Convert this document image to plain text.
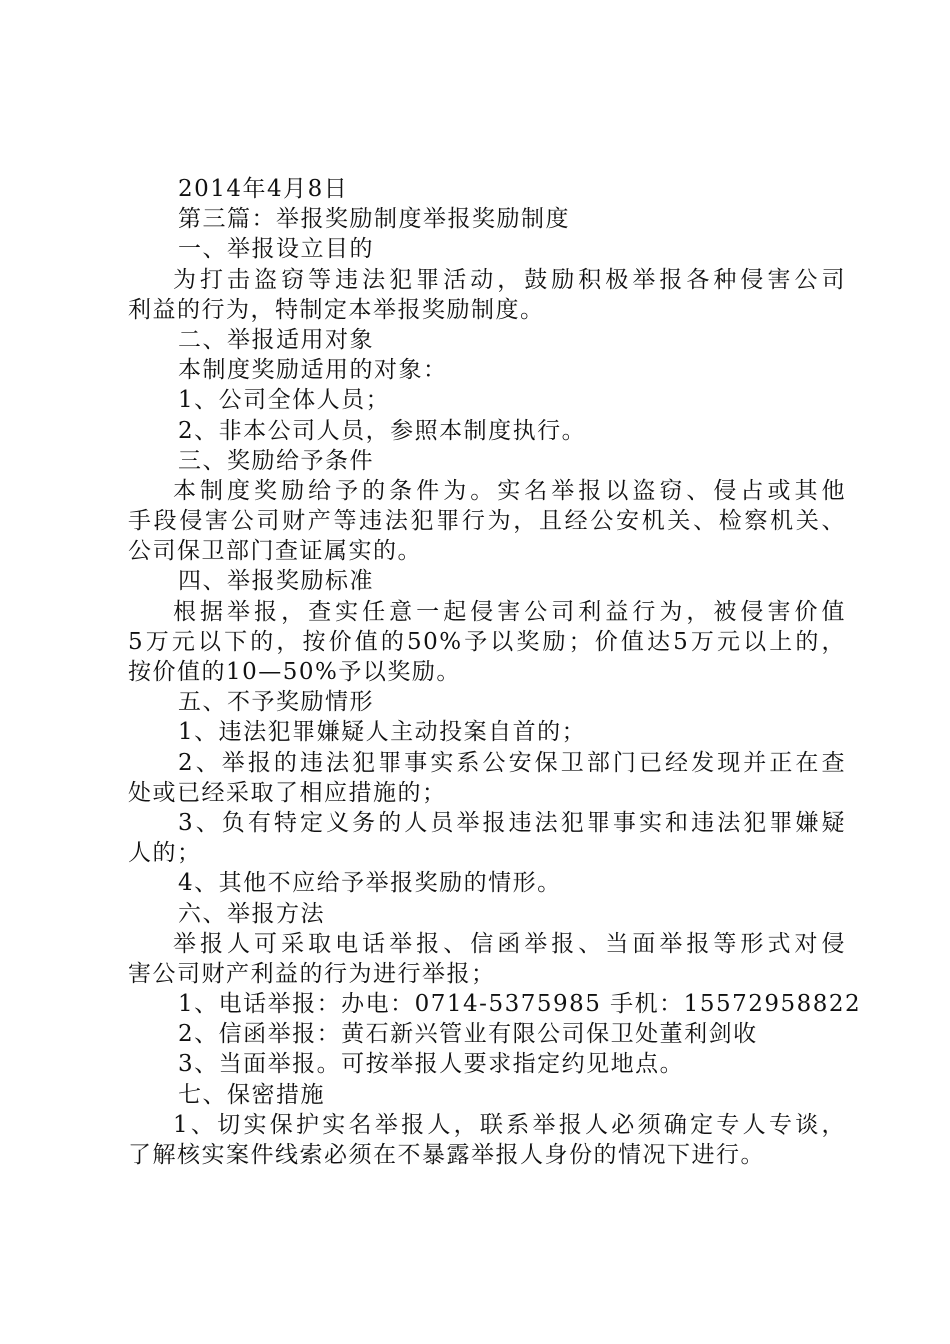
2014年4月8日
第三篇：举报奖励制度举报奖励制度
一、举报设立目的
为打击盗窃等违法犯罪活动，鼓励积极举报各种侵害公司
利益的行为，特制定本举报奖励制度。
二、举报适用对象
本制度奖励适用的对象：
1、公司全体人员；
2、非本公司人员，参照本制度执行。
三、奖励给予条件
本制度奖励给予的条件为。实名举报以盗窃、侵占或其他
手段侵害公司财产等违法犯罪行为，且经公安机关、检察机关、
公司保卫部门查证属实的。
四、举报奖励标准
根据举报，查实任意一起侵害公司利益行为，被侵害价值
5万元以下的，按价值的50%予以奖励；价值达5万元以上的，
按价值的10—50%予以奖励。
五、不予奖励情形
1、违法犯罪嫌疑人主动投案自首的；
2、举报的违法犯罪事实系公安保卫部门已经发现并正在查
处或已经采取了相应措施的；
3、负有特定义务的人员举报违法犯罪事实和违法犯罪嫌疑
人的；
4、其他不应给予举报奖励的情形。
六、举报方法
举报人可采取电话举报、信函举报、当面举报等形式对侵
害公司财产利益的行为进行举报；
1、电话举报：办电：0714-5375985 手机：15572958822
2、信函举报：黄石新兴管业有限公司保卫处董利剑收
3、当面举报。可按举报人要求指定约见地点。
七、保密措施
1、切实保护实名举报人，联系举报人必须确定专人专谈，
了解核实案件线索必须在不暴露举报人身份的情况下进行。
